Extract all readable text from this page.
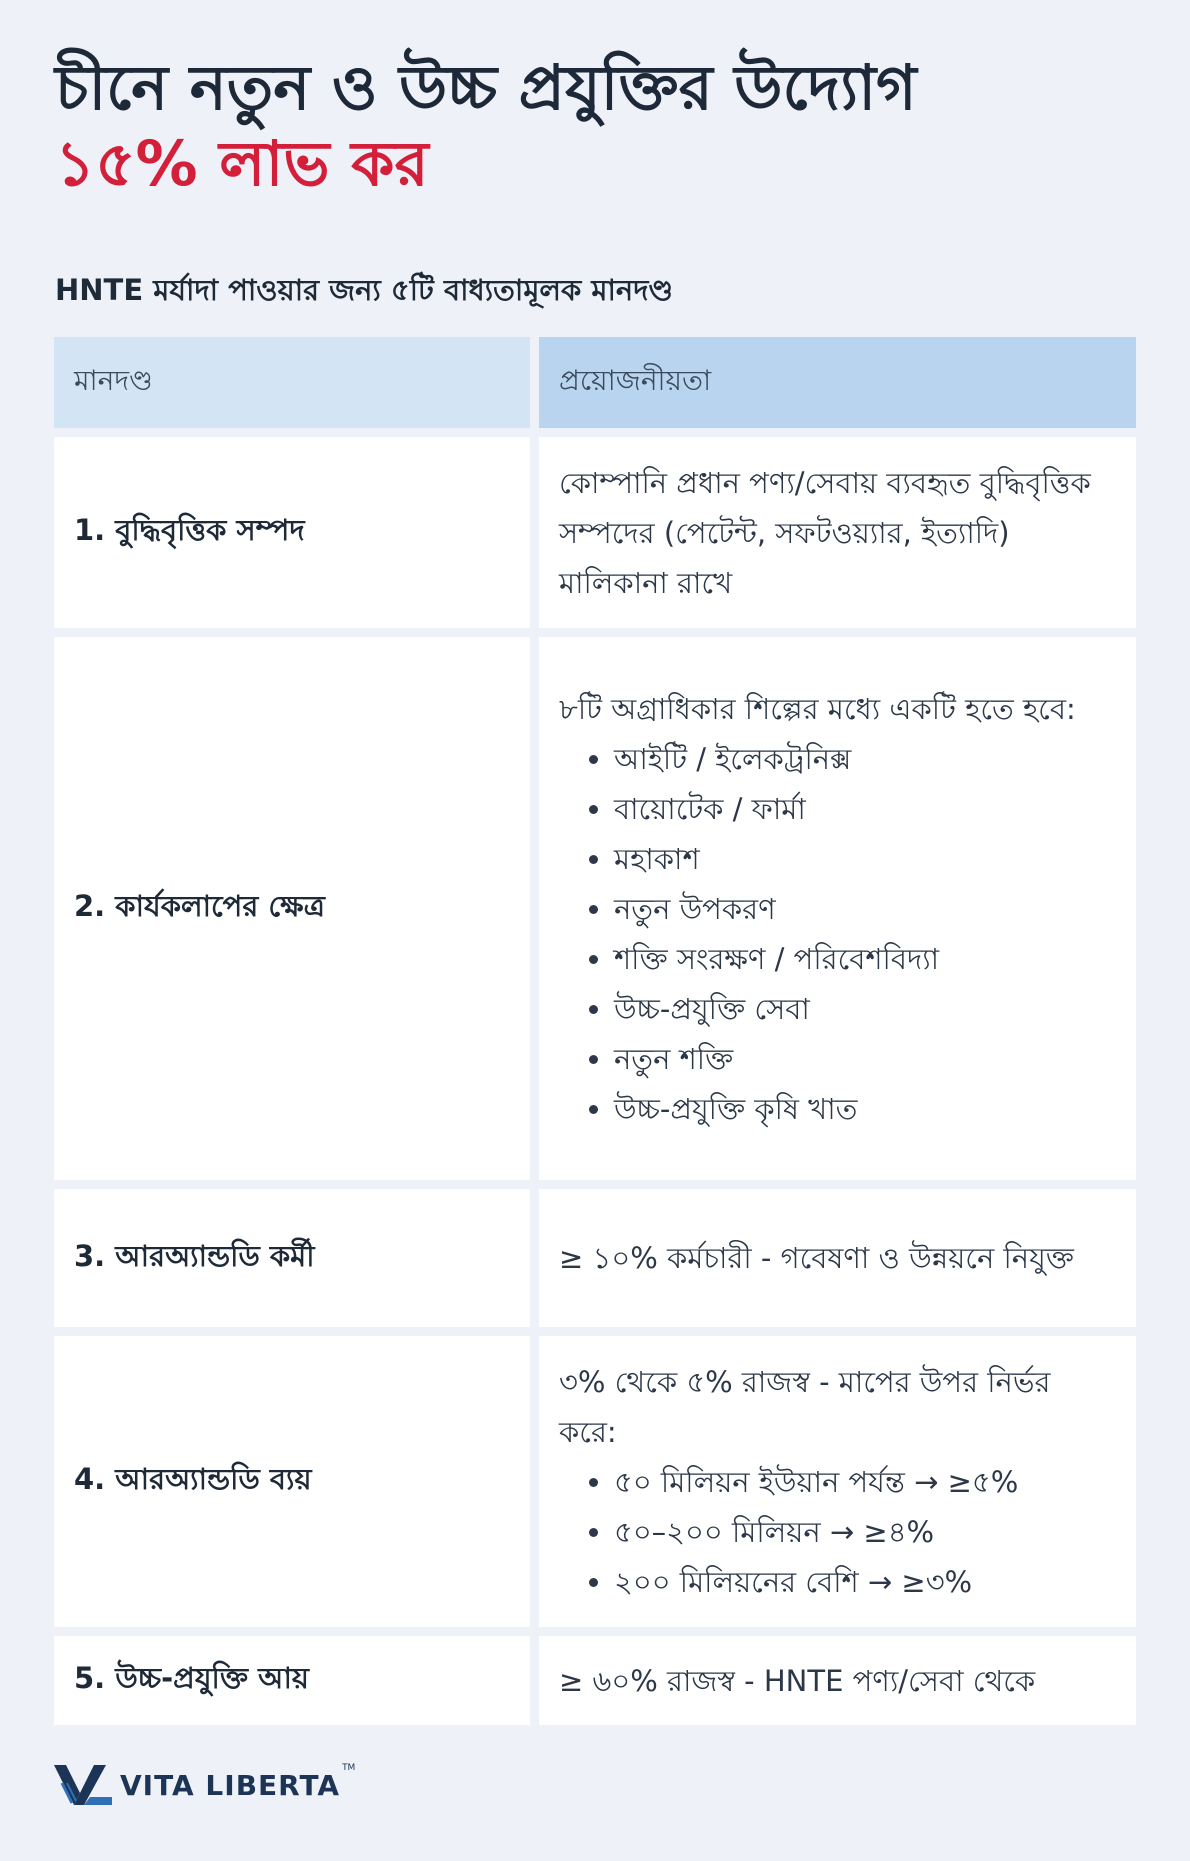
চীনে নতুন ও উচ্চ প্রযুক্তির উদ্যোগ
১৫% লাভ কর
HNTE মর্যাদা পাওয়ার জন্য ৫টি বাধ্যতামূলক মানদণ্ড
মানদণ্ড	প্রয়োজনীয়তা
1. বুদ্ধিবৃত্তিক সম্পদ
কোম্পানি প্রধান পণ্য/সেবায় ব্যবহৃত বুদ্ধিবৃত্তিক সম্পদের (পেটেন্ট, সফটওয়্যার, ইত্যাদি) মালিকানা রাখে
2. কার্যকলাপের ক্ষেত্র
৮টি অগ্রাধিকার শিল্পের মধ্যে একটি হতে হবে:
• আইটি / ইলেকট্রনিক্স
• বায়োটেক / ফার্মা
• মহাকাশ
• নতুন উপকরণ
• শক্তি সংরক্ষণ / পরিবেশবিদ্যা
• উচ্চ-প্রযুক্তি সেবা
• নতুন শক্তি
• উচ্চ-প্রযুক্তি কৃষি খাত
3. আরঅ্যান্ডডি কর্মী	≥ ১০% কর্মচারী - গবেষণা ও উন্নয়নে নিযুক্ত
4. আরঅ্যান্ডডি ব্যয়
৩% থেকে ৫% রাজস্ব - মাপের উপর নির্ভর করে:
• ৫০ মিলিয়ন ইউয়ান পর্যন্ত → ≥৫%
• ৫০–২০০ মিলিয়ন → ≥৪%
• ২০০ মিলিয়নের বেশি → ≥৩%
5. উচ্চ-প্রযুক্তি আয়	≥ ৬০% রাজস্ব - HNTE পণ্য/সেবা থেকে
VITA LIBERTA
TM
